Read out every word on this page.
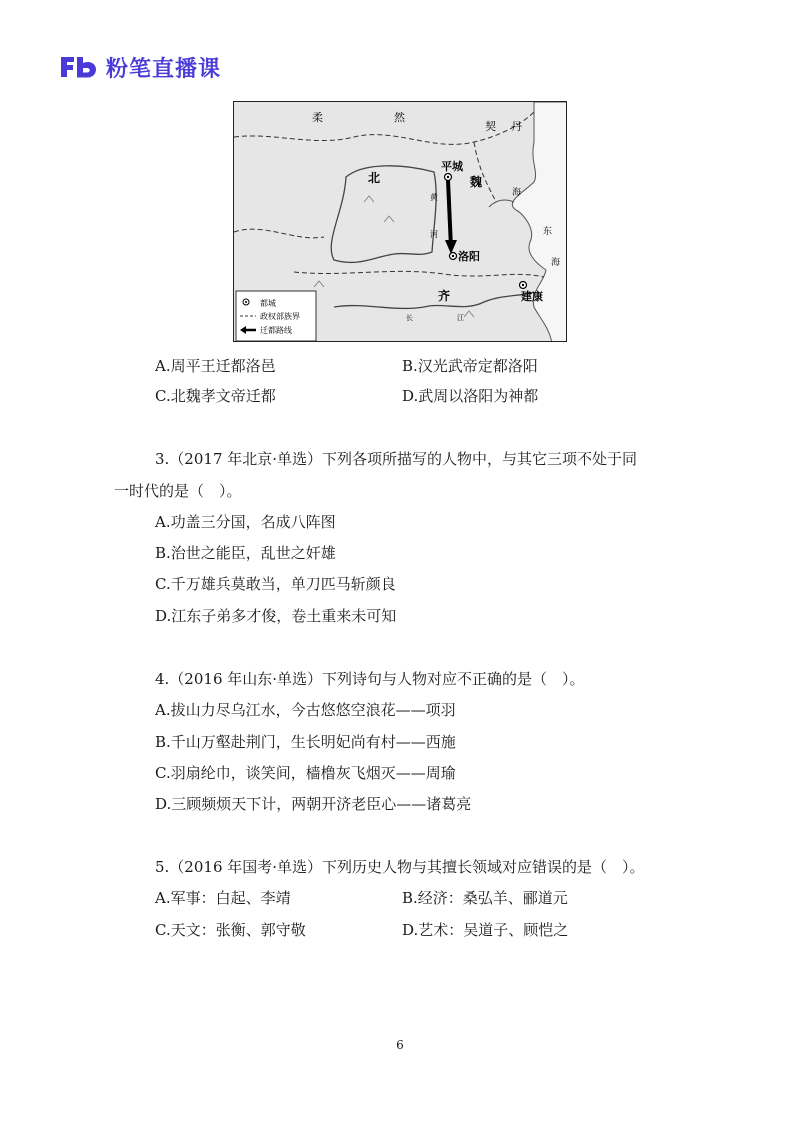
粉笔直播课
柔	然
契 丹
平城
魏
北
黄
河
洛阳
海
东
海
齐	建康
长	江
都城
政权部族界
迁都路线
A.周平王迁都洛邑	B.汉光武帝定都洛阳
C.北魏孝文帝迁都	D.武周以洛阳为神都
3.（2017 年北京·单选）下列各项所描写的人物中，与其它三项不处于同
一时代的是（　）。
A.功盖三分国，名成八阵图
B.治世之能臣，乱世之奸雄
C.千万雄兵莫敢当，单刀匹马斩颜良
D.江东子弟多才俊，卷土重来未可知
4.（2016 年山东·单选）下列诗句与人物对应不正确的是（　）。
A.拔山力尽乌江水，今古悠悠空浪花——项羽
B.千山万壑赴荆门，生长明妃尚有村——西施
C.羽扇纶巾，谈笑间，樯橹灰飞烟灭——周瑜
D.三顾频烦天下计，两朝开济老臣心——诸葛亮
5.（2016 年国考·单选）下列历史人物与其擅长领域对应错误的是（　）。
A.军事：白起、李靖	B.经济：桑弘羊、郦道元
C.天文：张衡、郭守敬	D.艺术：吴道子、顾恺之
6
